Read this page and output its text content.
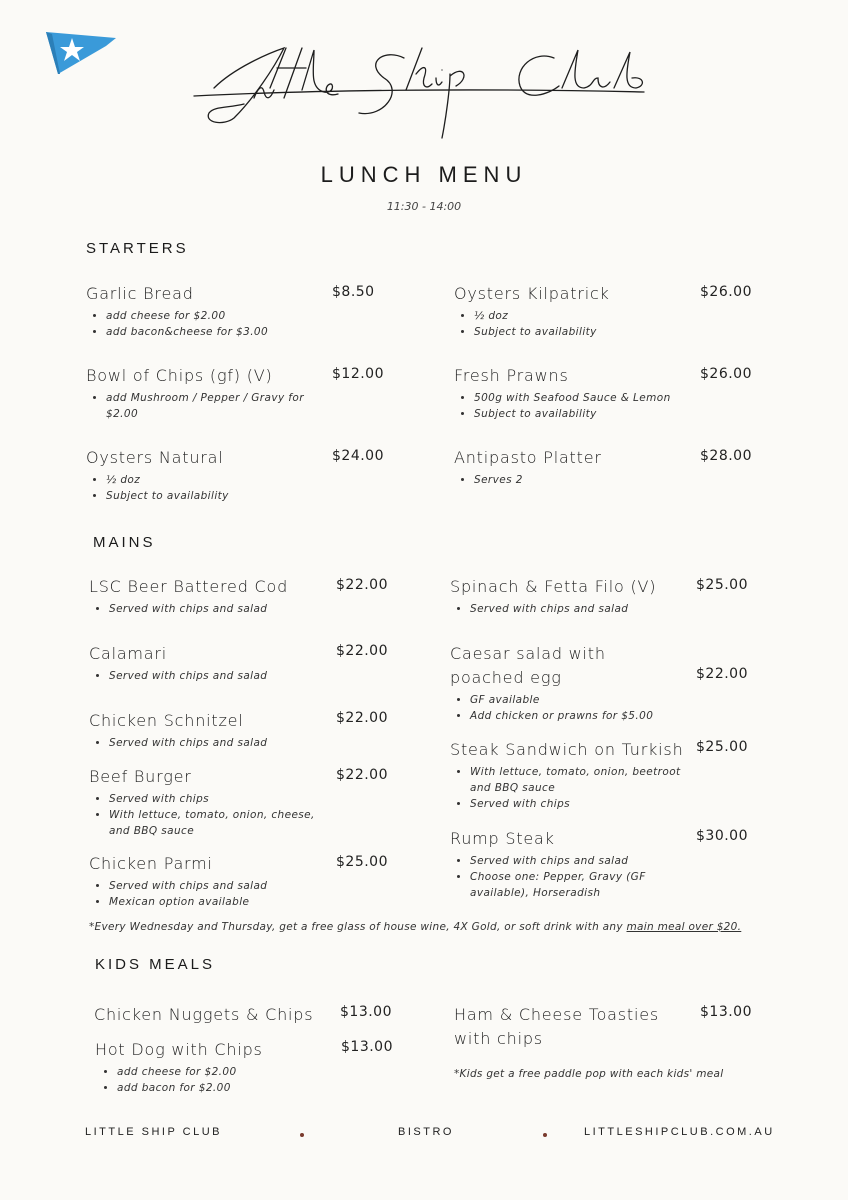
LUNCH MENU
11:30 - 14:00
STARTERS
Garlic Bread
• add cheese for $2.00
• add bacon&cheese for $3.00
$8.50
Bowl of Chips (gf) (V)
• add Mushroom / Pepper / Gravy for $2.00
$12.00
Oysters Natural
• ½ doz
• Subject to availability
$24.00
Oysters Kilpatrick
• ½ doz
• Subject to availability
$26.00
Fresh Prawns
• 500g with Seafood Sauce & Lemon
• Subject to availability
$26.00
Antipasto Platter
• Serves 2
$28.00
MAINS
LSC Beer Battered Cod
• Served with chips and salad
$22.00
Calamari
• Served with chips and salad
$22.00
Chicken Schnitzel
• Served with chips and salad
$22.00
Beef Burger
• Served with chips
• With lettuce, tomato, onion, cheese, and BBQ sauce
$22.00
Chicken Parmi
• Served with chips and salad
• Mexican option available
$25.00
Spinach & Fetta Filo (V)
• Served with chips and salad
$25.00
Caesar salad with poached egg
• GF available
• Add chicken or prawns for $5.00
$22.00
Steak Sandwich on Turkish
• With lettuce, tomato, onion, beetroot and BBQ sauce
• Served with chips
$25.00
Rump Steak
• Served with chips and salad
• Choose one: Pepper, Gravy (GF available), Horseradish
$30.00
*Every Wednesday and Thursday, get a free glass of house wine, 4X Gold, or soft drink with any main meal over $20.
KIDS MEALS
Chicken Nuggets & Chips	$13.00
Hot Dog with Chips
• add cheese for $2.00
• add bacon for $2.00
$13.00
Ham & Cheese Toasties with chips
$13.00
*Kids get a free paddle pop with each kids' meal
LITTLE SHIP CLUB	BISTRO	LITTLESHIPCLUB.COM.AU
